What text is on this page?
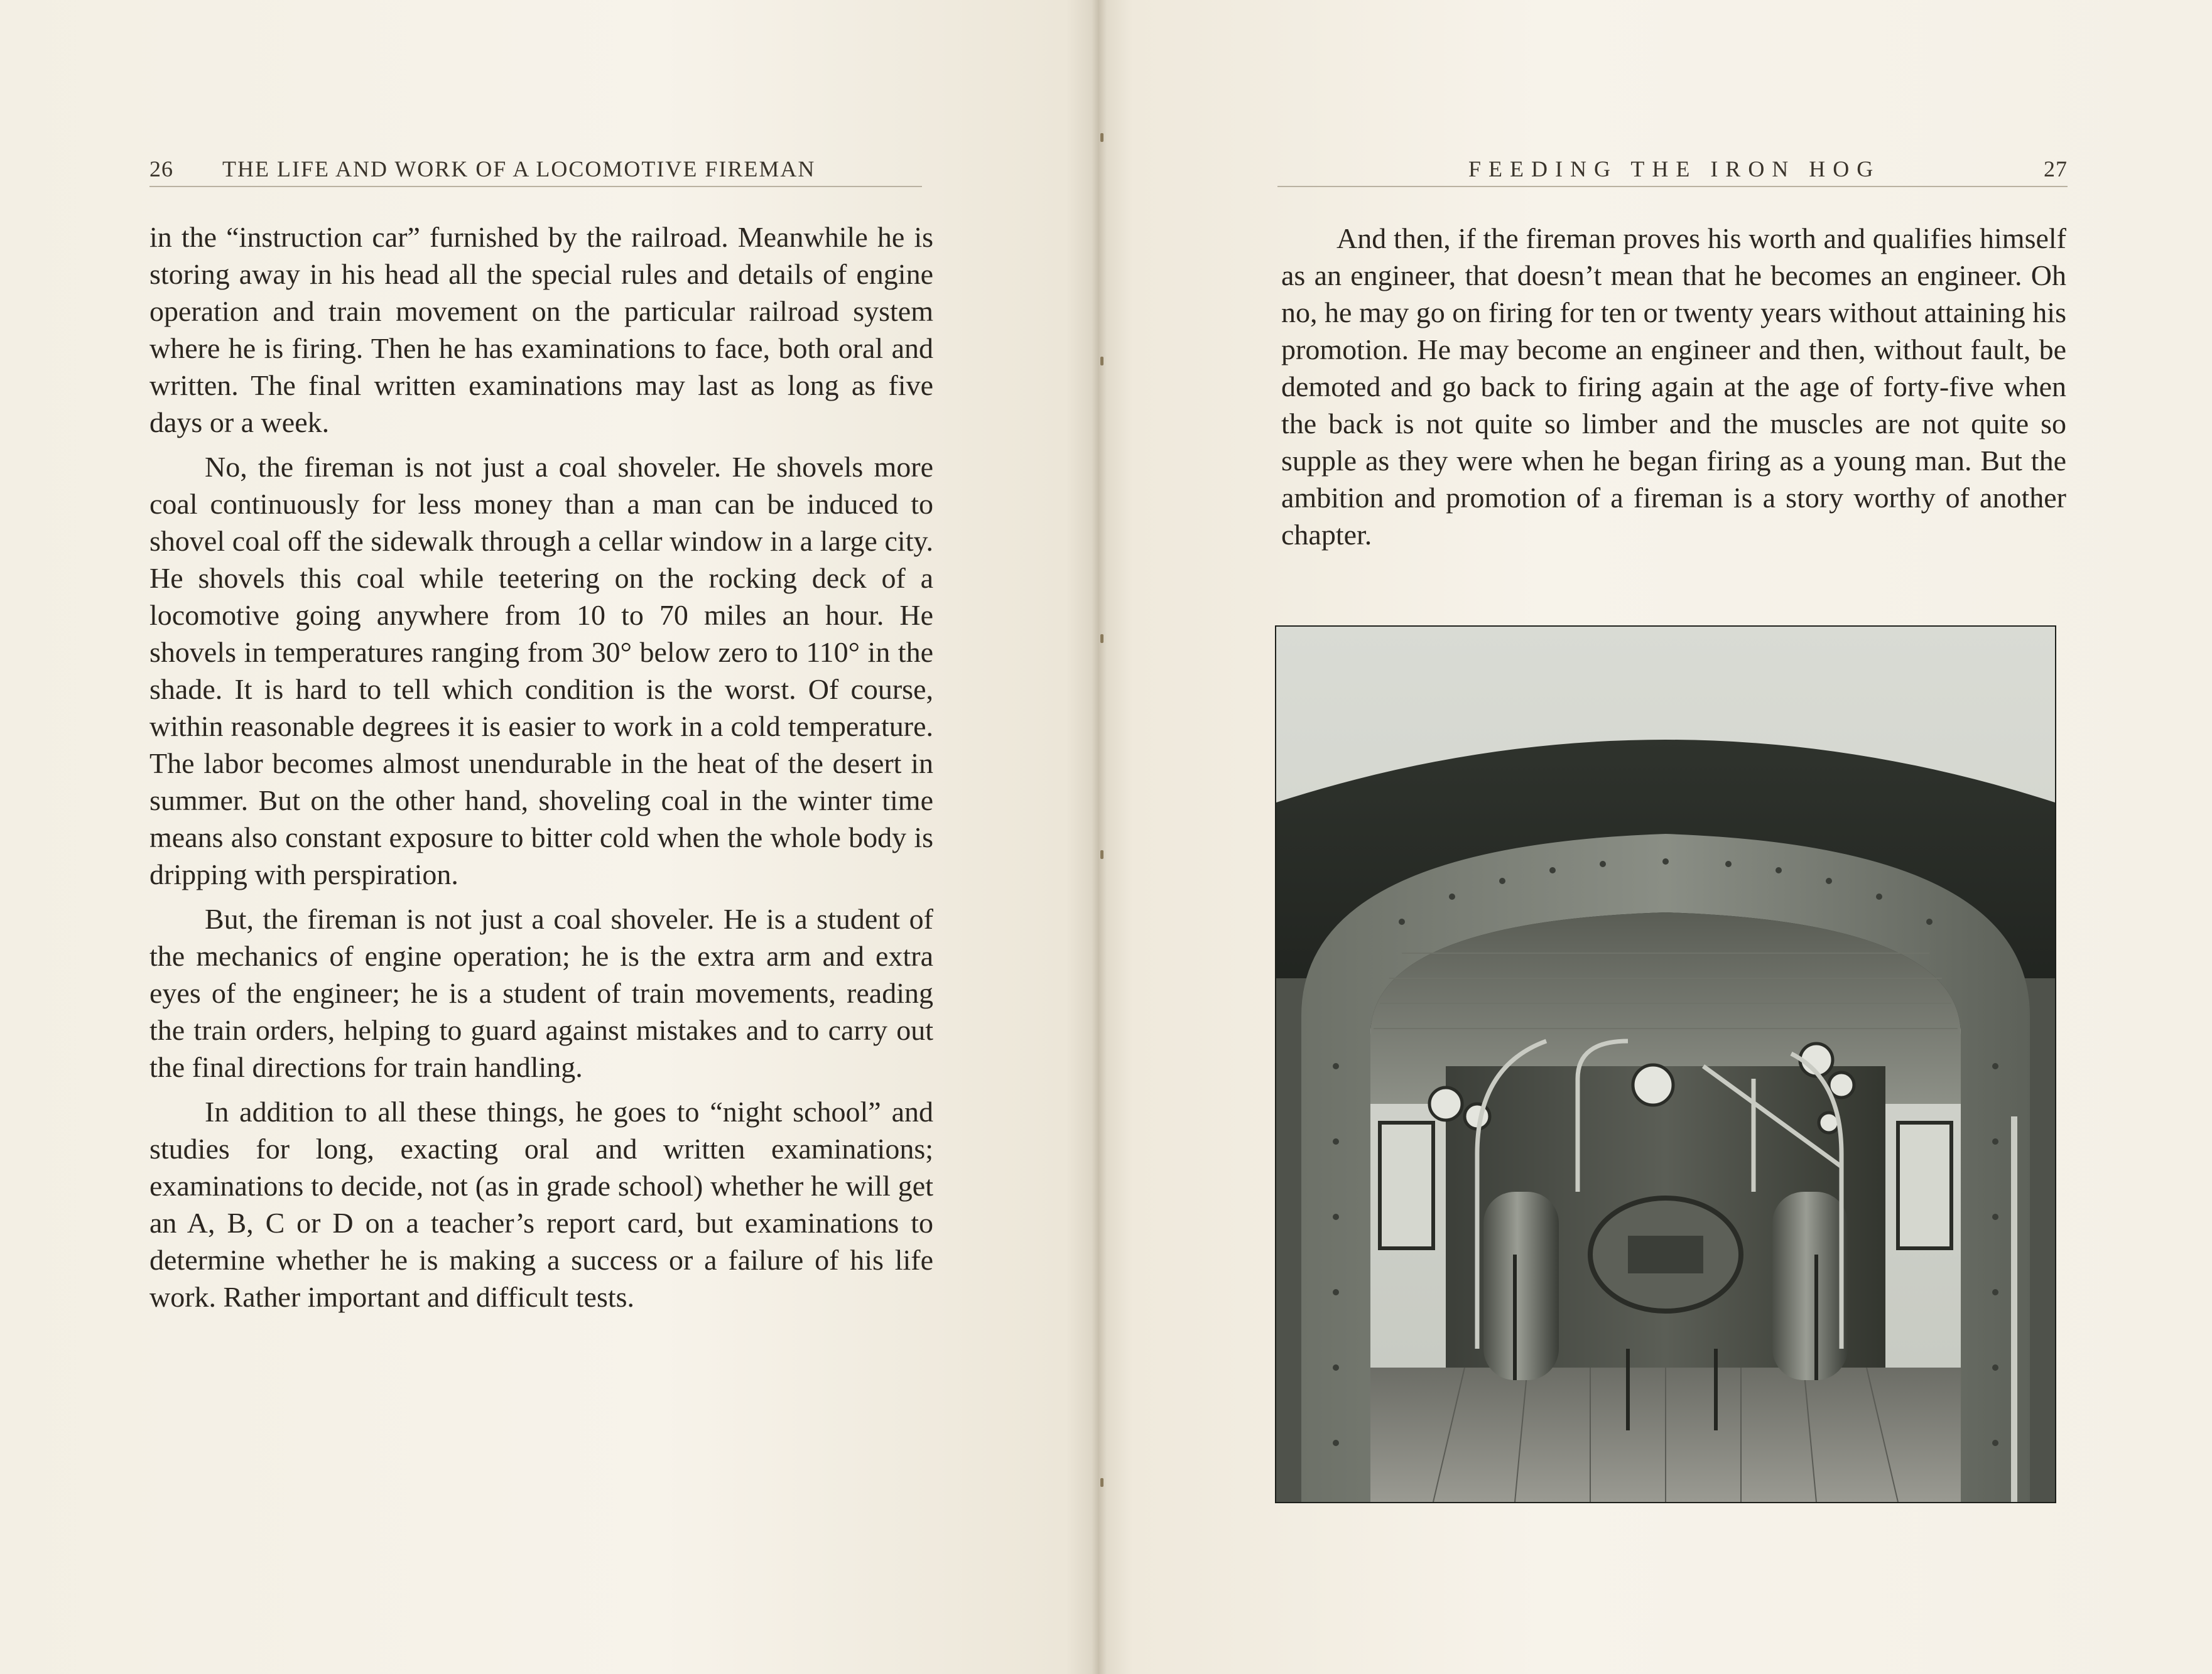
26 THE LIFE AND WORK OF A LOCOMOTIVE FIREMAN	FEEDING THE IRON HOG	27

in the “instruction car” furnished by the railroad. Meanwhile he is storing away in his head all the special rules and details of engine operation and train movement on the particular railroad system where he is firing. Then he has examinations to face, both oral and written. The final written examinations may last as long as five days or a week.

No, the fireman is not just a coal shoveler. He shovels more coal continuously for less money than a man can be induced to shovel coal off the sidewalk through a cellar window in a large city. He shovels this coal while teetering on the rocking deck of a locomotive going anywhere from 10 to 70 miles an hour. He shovels in temperatures ranging from 30° below zero to 110° in the shade. It is hard to tell which condition is the worst. Of course, within reasonable degrees it is easier to work in a cold temperature. The labor becomes almost unendurable in the heat of the desert in summer. But on the other hand, shoveling coal in the winter time means also constant exposure to bitter cold when the whole body is dripping with perspiration.

But, the fireman is not just a coal shoveler. He is a student of the mechanics of engine operation; he is the extra arm and extra eyes of the engineer; he is a student of train movements, reading the train orders, helping to guard against mistakes and to carry out the final directions for train handling.

In addition to all these things, he goes to “night school” and studies for long, exacting oral and written examinations; examinations to decide, not (as in grade school) whether he will get an A, B, C or D on a teacher’s report card, but examinations to determine whether he is making a success or a failure of his life work. Rather important and difficult tests.

And then, if the fireman proves his worth and qualifies himself as an engineer, that doesn’t mean that he becomes an engineer. Oh no, he may go on firing for ten or twenty years without attaining his promotion. He may become an engineer and then, without fault, be demoted and go back to firing again at the age of forty-five when the back is not quite so limber and the muscles are not quite so supple as they were when he began firing as a young man. But the ambition and promotion of a fireman is a story worthy of another chapter.
